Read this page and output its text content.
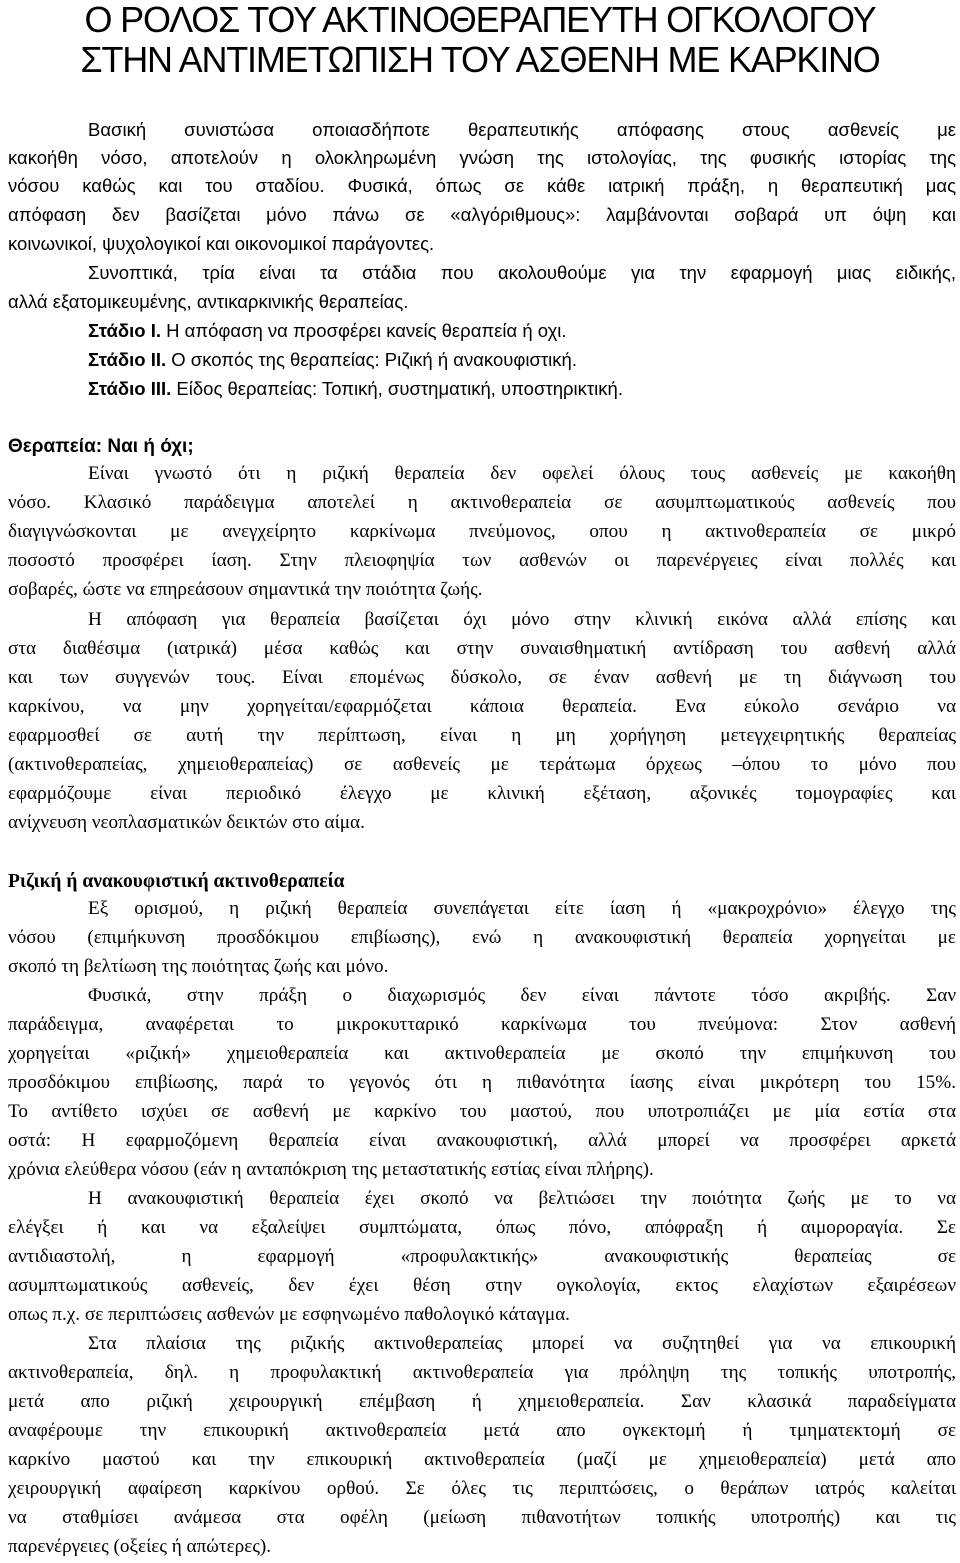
Ο ΡΟΛΟΣ ΤΟΥ ΑΚΤΙΝΟΘΕΡΑΠΕΥΤΗ ΟΓΚΟΛΟΓΟΥ
ΣΤΗΝ ΑΝΤΙΜΕΤΩΠΙΣΗ ΤΟΥ ΑΣΘΕΝΗ ΜΕ ΚΑΡΚΙΝΟ

Βασική συνιστώσα οποιασδήποτε θεραπευτικής απόφασης στους ασθενείς με

κακοήθη νόσο, αποτελούν η ολοκληρωμένη γνώση της ιστολογίας, της φυσικής ιστορίας της

νόσου καθώς και του σταδίου. Φυσικά, όπως σε κάθε ιατρική πράξη, η θεραπευτική μας

απόφαση δεν βασίζεται μόνο πάνω σε «αλγόριθμους»: λαμβάνονται σοβαρά υπ όψη και

κοινωνικοί, ψυχολογικοί και οικονομικοί παράγοντες.

Συνοπτικά, τρία είναι τα στάδια που ακολουθούμε για την εφαρμογή μιας ειδικής,

αλλά εξατομικευμένης, αντικαρκινικής θεραπείας.

Στάδιο Ι. Η απόφαση να προσφέρει κανείς θεραπεία ή οχι.

Στάδιο ΙΙ. Ο σκοπός της θεραπείας: Ριζική ή ανακουφιστική.

Στάδιο ΙΙΙ. Είδος θεραπείας: Τοπική, συστηματική, υποστηρικτική.

Θεραπεία: Ναι ή όχι;

Είναι γνωστό ότι η ριζική θεραπεία δεν οφελεί όλους τους ασθενείς με κακοήθη

νόσο. Κλασικό παράδειγμα αποτελεί η ακτινοθεραπεία σε ασυμπτωματικούς ασθενείς που

διαγιγνώσκονται με ανεγχείρητο καρκίνωμα πνεύμονος, οπου η ακτινοθεραπεία σε μικρό

ποσοστό προσφέρει ίαση. Στην πλειοφηψία των ασθενών οι παρενέργειες είναι πολλές και

σοβαρές, ώστε να επηρεάσουν σημαντικά την ποιότητα ζωής.

Η απόφαση για θεραπεία βασίζεται όχι μόνο στην κλινική εικόνα αλλά επίσης και

στα διαθέσιμα (ιατρικά) μέσα καθώς και στην συναισθηματική αντίδραση του ασθενή αλλά

και των συγγενών τους. Είναι επομένως δύσκολο, σε έναν ασθενή με τη διάγνωση του

καρκίνου, να μην χορηγείται/εφαρμόζεται κάποια θεραπεία. Ενα εύκολο σενάριο να

εφαρμοσθεί σε αυτή την περίπτωση, είναι η μη χορήγηση μετεγχειρητικής θεραπείας

(ακτινοθεραπείας, χημειοθεραπείας) σε ασθενείς με τεράτωμα όρχεως –όπου το μόνο που

εφαρμόζουμε είναι περιοδικό έλεγχο με κλινική εξέταση, αξονικές τομογραφίες και

ανίχνευση νεοπλασματικών δεικτών στο αίμα.

Ριζική ή ανακουφιστική ακτινοθεραπεία

Εξ ορισμού, η ριζική θεραπεία συνεπάγεται είτε ίαση ή «μακροχρόνιο» έλεγχο της

νόσου (επιμήκυνση προσδόκιμου επιβίωσης), ενώ η ανακουφιστική θεραπεία χορηγείται με

σκοπό τη βελτίωση της ποιότητας ζωής και μόνο.

Φυσικά, στην πράξη ο διαχωρισμός δεν είναι πάντοτε τόσο ακριβής. Σαν

παράδειγμα, αναφέρεται το μικροκυτταρικό καρκίνωμα του πνεύμονα: Στον ασθενή

χορηγείται «ριζική» χημειοθεραπεία και ακτινοθεραπεία με σκοπό την επιμήκυνση του

προσδόκιμου επιβίωσης, παρά το γεγονός ότι η πιθανότητα ίασης είναι μικρότερη του 15%.

Το αντίθετο ισχύει σε ασθενή με καρκίνο του μαστού, που υποτροπιάζει με μία εστία στα

οστά: Η εφαρμοζόμενη θεραπεία είναι ανακουφιστική, αλλά μπορεί να προσφέρει αρκετά

χρόνια ελεύθερα νόσου (εάν η ανταπόκριση της μεταστατικής εστίας είναι πλήρης).

Η ανακουφιστική θεραπεία έχει σκοπό να βελτιώσει την ποιότητα ζωής με το να

ελέγξει ή και να εξαλείψει συμπτώματα, όπως πόνο, απόφραξη ή αιμοροραγία. Σε

αντιδιαστολή, η εφαρμογή «προφυλακτικής» ανακουφιστικής θεραπείας σε

ασυμπτωματικούς ασθενείς, δεν έχει θέση στην ογκολογία, εκτος ελαχίστων εξαιρέσεων

οπως π.χ. σε περιπτώσεις ασθενών με εσφηνωμένο παθολογικό κάταγμα.

Στα πλαίσια της ριζικής ακτινοθεραπείας μπορεί να συζητηθεί για να επικουρική

ακτινοθεραπεία, δηλ. η προφυλακτική ακτινοθεραπεία για πρόληψη της τοπικής υποτροπής,

μετά απο ριζική χειρουργική επέμβαση ή χημειοθεραπεία. Σαν κλασικά παραδείγματα

αναφέρουμε την επικουρική ακτινοθεραπεία μετά απο ογκεκτομή ή τμηματεκτομή σε

καρκίνο μαστού και την επικουρική ακτινοθεραπεία (μαζί με χημειοθεραπεία) μετά απο

χειρουργική αφαίρεση καρκίνου ορθού. Σε όλες τις περιπτώσεις, ο θεράπων ιατρός καλείται

να σταθμίσει ανάμεσα στα οφέλη (μείωση πιθανοτήτων τοπικής υποτροπής) και τις

παρενέργειες (οξείες ή απώτερες).
